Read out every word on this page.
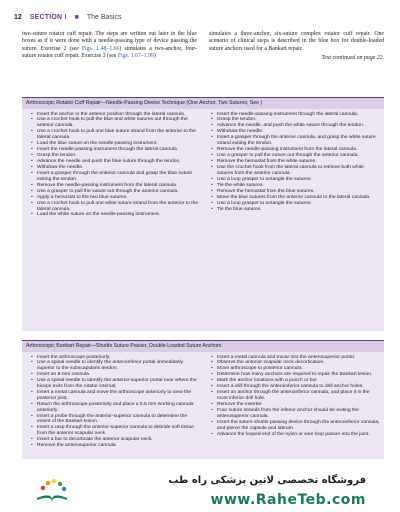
12 SECTION I ■ The Basics
two-suture rotator cuff repair. The steps are written out later in the blue boxes as if it were done with a needle-passing type of device passing the suture. Exercise 2 (see Figs. 1.48–1.66) simulates a two-anchor, four-suture rotator cuff repair. Exercise 3 (see Figs. 1.67–1.99)
simulates a three-anchor, six-suture complex rotator cuff repair. One scenario of clinical steps is described in the blue box for double-loaded suture anchors used for a Bankart repair.
Text continued on page 22.
Arthroscopic Rotator Cuff Repair—Needle-Passing Device Technique (One Anchor, Two Sutures; See )
• Insert the anchor in the anterior position through the lateral cannula.
• Use a crochet hook to pull the blue and white sutures out through the anterior cannula.
• Use a crochet hook to pull one blue suture strand from the anterior to the lateral cannula.
• Load the blue suture on the needle-passing instrument.
• Insert the needle-passing instrument through the lateral cannula.
• Grasp the tendon.
• Advance the needle and push the blue suture through the tendon.
• Withdraw the needle.
• Insert a grasper through the anterior cannula and grasp the blue suture exiting the tendon.
• Remove the needle-passing instrument from the lateral cannula.
• Use a grasper to pull the suture out through the anterior cannula.
• Apply a hemostat to the two blue sutures.
• Use a crochet hook to pull one white suture strand from the anterior to the lateral cannula.
• Load the white suture on the needle-passing instrument.
• Insert the needle-passing instrument through the lateral cannula.
• Grasp the tendon.
• Advance the needle, and push the white suture through the tendon.
• Withdraw the needle.
• Insert a grasper through the anterior cannula, and grasp the white suture strand exiting the tendon.
• Remove the needle-passing instrument from the lateral cannula.
• Use a grasper to pull the suture out through the anterior cannula.
• Remove the hemostat from the white sutures.
• Use the crochet hook from the lateral cannula to retrieve both white sutures from the anterior cannula.
• Use a loop grasper to untangle the sutures.
• Tie the white sutures.
• Remove the hemostat from the blue sutures.
• Move the blue sutures from the anterior cannula to the lateral cannula.
• Use a loop grasper to untangle the sutures.
• Tie the blue sutures.
Arthroscopic Bankart Repair—Shuttle Suture Passer, Double-Loaded Suture Anchors
• Insert the arthroscope posteriorly.
• Use a spinal needle to identify the anteroinferior portal immediately superior to the subscapularis tendon.
• Insert an 8-mm cannula.
• Use a spinal needle to identify the anterior-superior portal near where the biceps exits from the rotator interval.
• Insert a metal cannula and move the arthroscope anteriorly to view the posterior joint.
• Return the arthroscope posteriorly and place a 5.5 mm working cannula anteriorly.
• Insert a probe through the anterior-superior cannula to determine the extent of the Bankart lesion.
• Insert a rasp through the anterior-superior cannula to debride soft tissue from the anterior scapular neck.
• Insert a bur to decorticate the anterior scapular neck.
• Remove the anterosuperior cannula.
• Insert a metal cannula and trocar into the anterosuperior portal.
• Observe the anterior scapular neck decortication.
• Move arthroscope to posterior cannula.
• Determine how many anchors are required to repair the Bankart lesion.
• Mark the anchor locations with a punch or bur.
• Insert a drill through the anteroinferior cannula to drill anchor holes.
• Insert an anchor through the anteroinferior cannula, and place it in the most inferior drill hole.
• Remove the inserter.
• Four suture strands from the inferior anchor should be exiting the anterosuperior cannula.
• Insert the suture shuttle passing device through the anteroinferior cannula, and pierce the capsule and labrum.
• Advance the looped end of the nylon or wire loop passer into the joint.
فروشگاه تخصصی لاتین پزشکی راه طب
www.RaheTeb.com
